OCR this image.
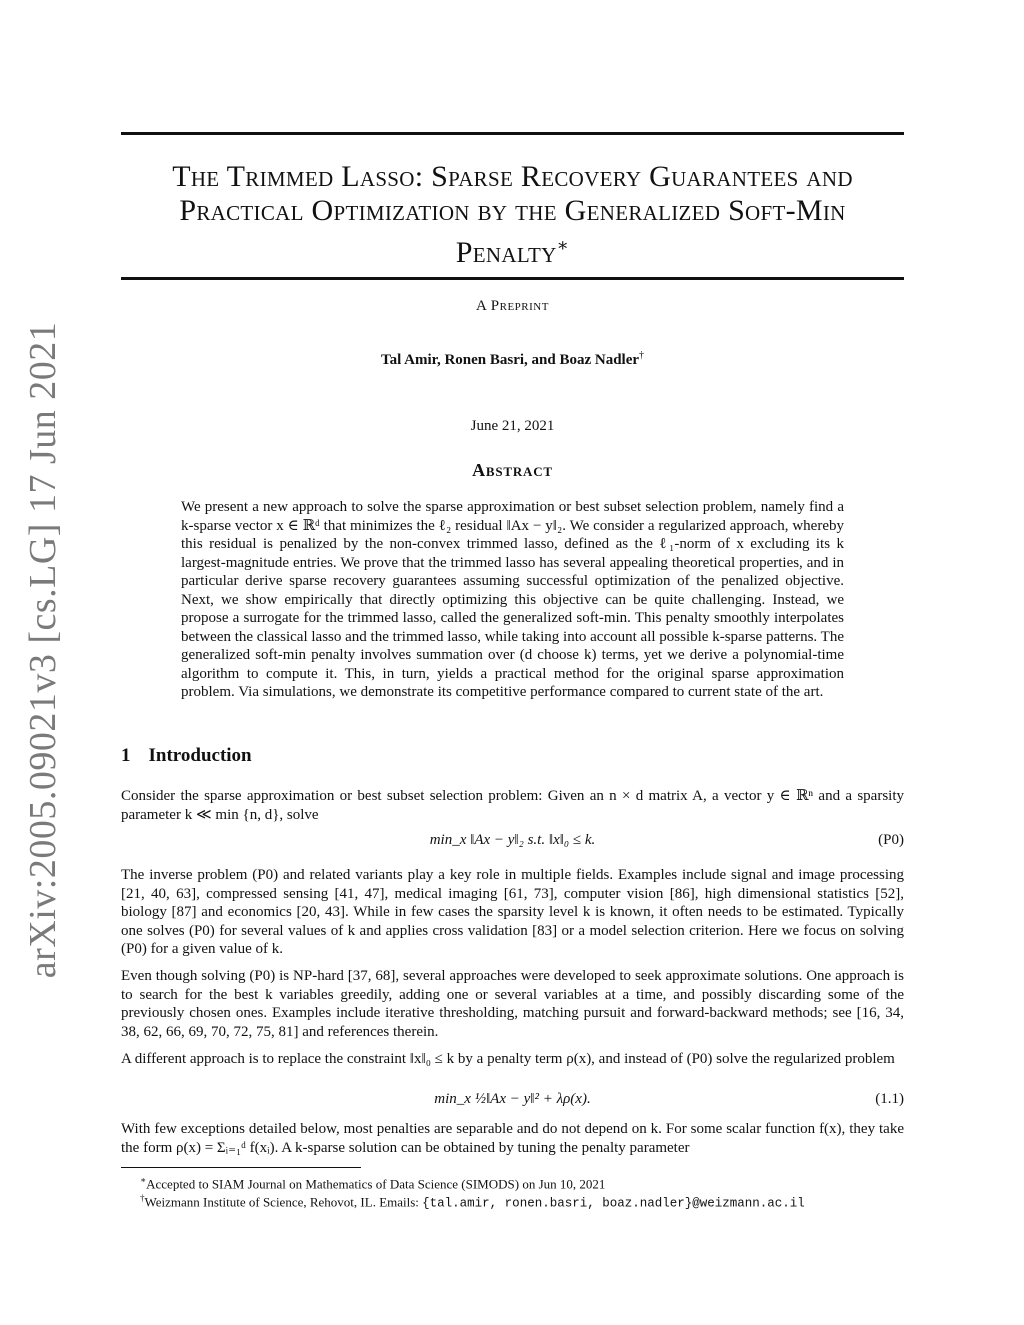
arXiv:2005.09021v3 [cs.LG] 17 Jun 2021
The Trimmed Lasso: Sparse Recovery Guarantees and Practical Optimization by the Generalized Soft-Min Penalty∗
A Preprint
Tal Amir, Ronen Basri, and Boaz Nadler†
June 21, 2021
Abstract

We present a new approach to solve the sparse approximation or best subset selection problem, namely find a k-sparse vector x ∈ ℝᵈ that minimizes the ℓ₂ residual ‖Ax − y‖₂. We consider a regularized approach, whereby this residual is penalized by the non-convex trimmed lasso, defined as the ℓ₁-norm of x excluding its k largest-magnitude entries. We prove that the trimmed lasso has several appealing theoretical properties, and in particular derive sparse recovery guarantees assuming successful optimization of the penalized objective. Next, we show empirically that directly optimizing this objective can be quite challenging. Instead, we propose a surrogate for the trimmed lasso, called the generalized soft-min. This penalty smoothly interpolates between the classical lasso and the trimmed lasso, while taking into account all possible k-sparse patterns. The generalized soft-min penalty involves summation over (d choose k) terms, yet we derive a polynomial-time algorithm to compute it. This, in turn, yields a practical method for the original sparse approximation problem. Via simulations, we demonstrate its competitive performance compared to current state of the art.

1 Introduction

Consider the sparse approximation or best subset selection problem: Given an n × d matrix A, a vector y ∈ ℝⁿ and a sparsity parameter k ≪ min {n, d}, solve

min_x ‖Ax − y‖₂ s.t. ‖x‖₀ ≤ k.	(P0)

The inverse problem (P0) and related variants play a key role in multiple fields. Examples include signal and image processing [21, 40, 63], compressed sensing [41, 47], medical imaging [61, 73], computer vision [86], high dimensional statistics [52], biology [87] and economics [20, 43]. While in few cases the sparsity level k is known, it often needs to be estimated. Typically one solves (P0) for several values of k and applies cross validation [83] or a model selection criterion. Here we focus on solving (P0) for a given value of k.

Even though solving (P0) is NP-hard [37, 68], several approaches were developed to seek approximate solutions. One approach is to search for the best k variables greedily, adding one or several variables at a time, and possibly discarding some of the previously chosen ones. Examples include iterative thresholding, matching pursuit and forward-backward methods; see [16, 34, 38, 62, 66, 69, 70, 72, 75, 81] and references therein.

A different approach is to replace the constraint ‖x‖₀ ≤ k by a penalty term ρ(x), and instead of (P0) solve the regularized problem

min_x ½‖Ax − y‖² + λρ(x).	(1.1)

With few exceptions detailed below, most penalties are separable and do not depend on k. For some scalar function f(x), they take the form ρ(x) = Σᵢ₌₁ᵈ f(xᵢ). A k-sparse solution can be obtained by tuning the penalty parameter

∗Accepted to SIAM Journal on Mathematics of Data Science (SIMODS) on Jun 10, 2021
†Weizmann Institute of Science, Rehovot, IL. Emails: {tal.amir, ronen.basri, boaz.nadler}@weizmann.ac.il
